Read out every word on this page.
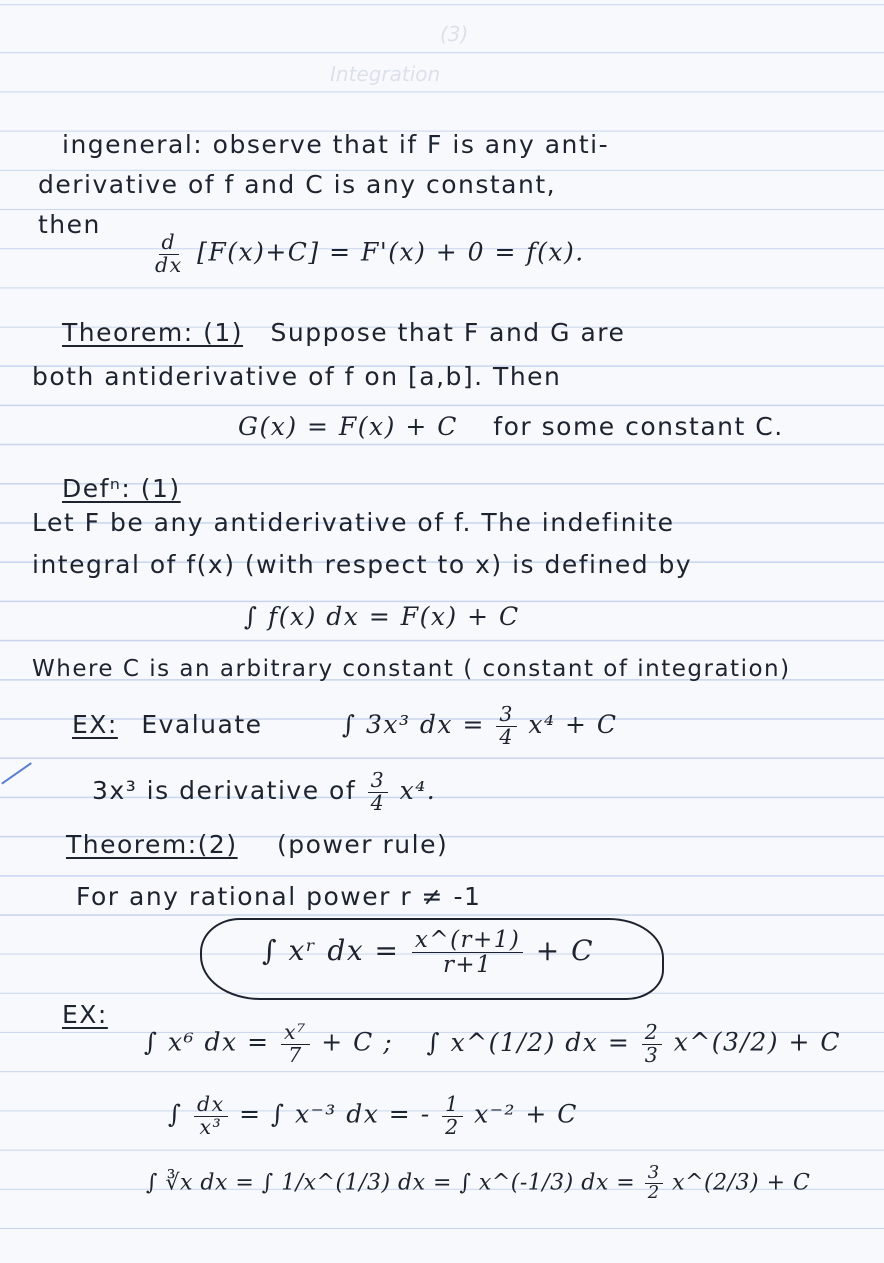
Integration
(3)
ingeneral: observe that if F is any anti-
derivative of f and C is any constant,
then
$\frac{d}{dx} [F(x)+C] = F'(x) + 0 = f(x)$.
Theorem: (1) Suppose that F and G are
both antiderivative of f on [a,b]. Then
G(x) = F(x) + C for some constant C.
Defⁿ: (1)
Let F be any antiderivative of f. The indefinite
integral of f(x) (with respect to x) is defined by
∫ f(x) dx = F(x) + C
Where C is an arbitrary constant ( constant of integration)
EX: Evaluate	∫ 3x³ dx = $\frac{3}{4} x^4 + C$
3x³ is derivative of $\frac{3}{4} x^4$.
Theorem:(2) (power rule)
For any rational power r ≠ -1
∫ xʳ dx = $\frac{x\^{}(r+1)}{r+1} + C$
EX:
∫ x⁶ dx = $\frac{\text{x⁷}}{7} + C$ ; ∫ x^(1/2) dx = $\frac{2}{3}$ x^(3/2) + C
∫ $\frac{dx}{\text{x³}}$ = ∫ x⁻³ dx = - $\frac{1}{2} x^{-2} + C$
∫ ∛x dx = ∫ 1/x^(1/3) dx = ∫ x^(-1/3) dx = $\frac{3}{2}$ x^(2/3) + C
